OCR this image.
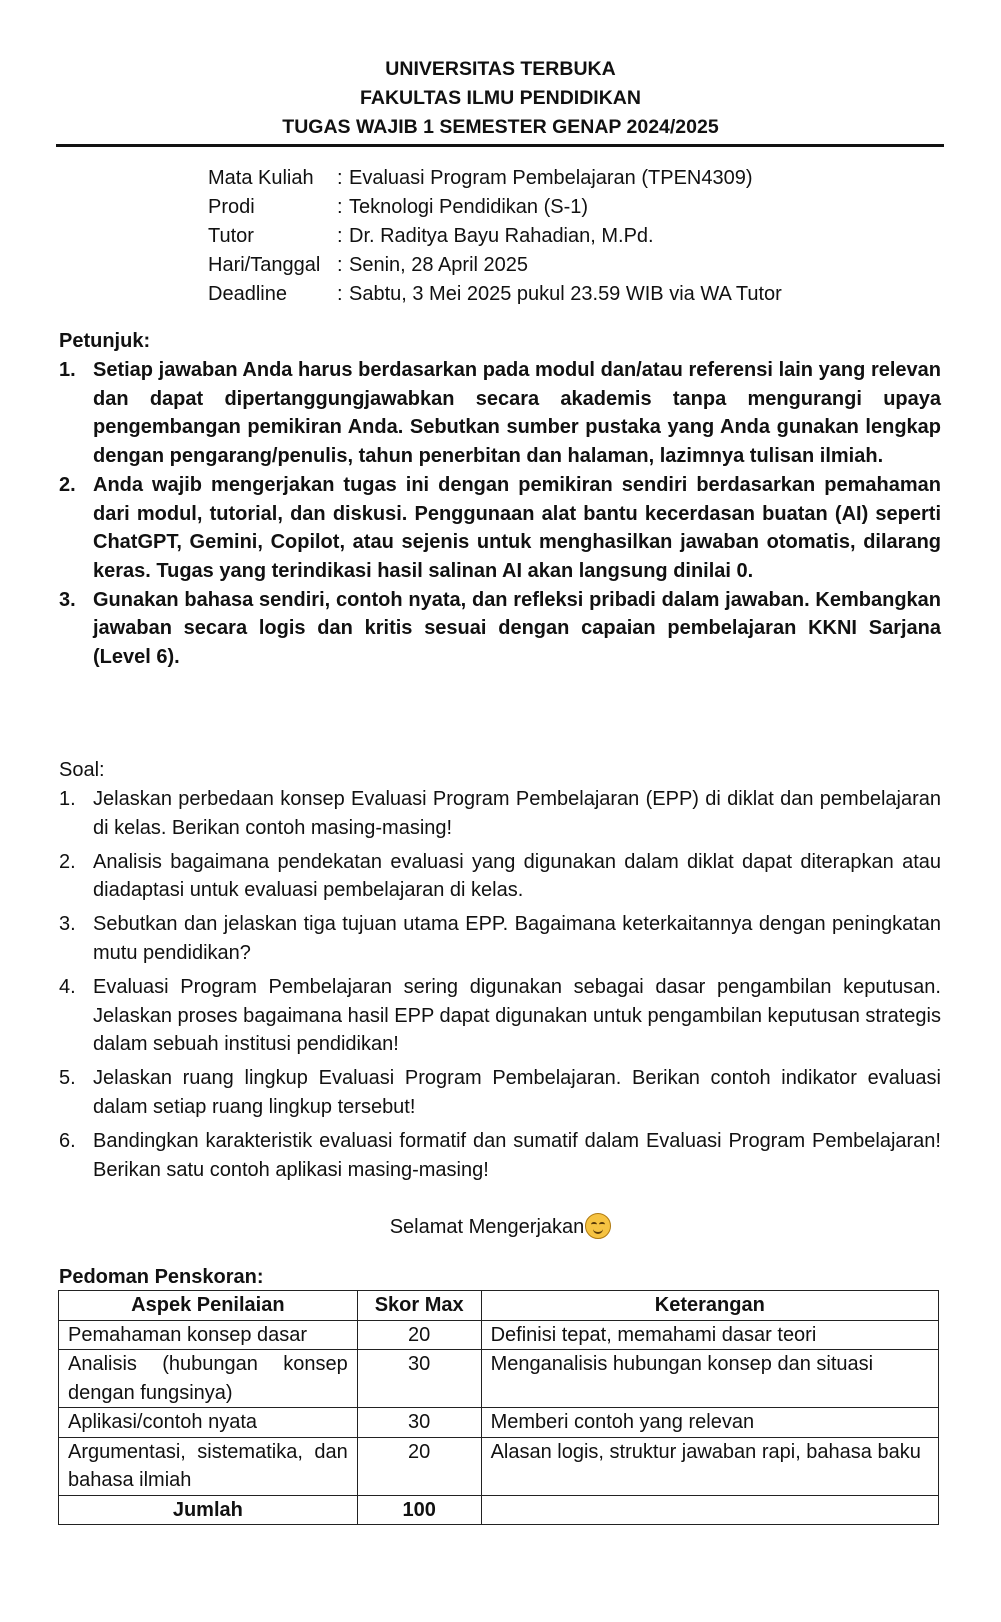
UNIVERSITAS TERBUKA
FAKULTAS ILMU PENDIDIKAN
TUGAS WAJIB 1 SEMESTER GENAP 2024/2025
Mata Kuliah	: Evaluasi Program Pembelajaran (TPEN4309)
Prodi	: Teknologi Pendidikan (S-1)
Tutor	: Dr. Raditya Bayu Rahadian, M.Pd.
Hari/Tanggal : Senin, 28 April 2025
Deadline	: Sabtu, 3 Mei 2025 pukul 23.59 WIB via WA Tutor
Petunjuk:
1. Setiap jawaban Anda harus berdasarkan pada modul dan/atau referensi lain yang relevan dan dapat dipertanggungjawabkan secara akademis tanpa mengurangi upaya pengembangan pemikiran Anda. Sebutkan sumber pustaka yang Anda gunakan lengkap dengan pengarang/penulis, tahun penerbitan dan halaman, lazimnya tulisan ilmiah.
2. Anda wajib mengerjakan tugas ini dengan pemikiran sendiri berdasarkan pemahaman dari modul, tutorial, dan diskusi. Penggunaan alat bantu kecerdasan buatan (AI) seperti ChatGPT, Gemini, Copilot, atau sejenis untuk menghasilkan jawaban otomatis, dilarang keras. Tugas yang terindikasi hasil salinan AI akan langsung dinilai 0.
3. Gunakan bahasa sendiri, contoh nyata, dan refleksi pribadi dalam jawaban. Kembangkan jawaban secara logis dan kritis sesuai dengan capaian pembelajaran KKNI Sarjana (Level 6).
Soal:
1. Jelaskan perbedaan konsep Evaluasi Program Pembelajaran (EPP) di diklat dan pembelajaran di kelas. Berikan contoh masing-masing!
2. Analisis bagaimana pendekatan evaluasi yang digunakan dalam diklat dapat diterapkan atau diadaptasi untuk evaluasi pembelajaran di kelas.
3. Sebutkan dan jelaskan tiga tujuan utama EPP. Bagaimana keterkaitannya dengan peningkatan mutu pendidikan?
4. Evaluasi Program Pembelajaran sering digunakan sebagai dasar pengambilan keputusan. Jelaskan proses bagaimana hasil EPP dapat digunakan untuk pengambilan keputusan strategis dalam sebuah institusi pendidikan!
5. Jelaskan ruang lingkup Evaluasi Program Pembelajaran. Berikan contoh indikator evaluasi dalam setiap ruang lingkup tersebut!
6. Bandingkan karakteristik evaluasi formatif dan sumatif dalam Evaluasi Program Pembelajaran! Berikan satu contoh aplikasi masing-masing!
Selamat Mengerjakan
Pedoman Penskoran:
Aspek Penilaian	Skor Max	Keterangan
Pemahaman konsep dasar	20	Definisi tepat, memahami dasar teori
Analisis (hubungan konsep dengan fungsinya)	30	Menganalisis hubungan konsep dan situasi
Aplikasi/contoh nyata	30	Memberi contoh yang relevan
Argumentasi, sistematika, dan bahasa ilmiah	20	Alasan logis, struktur jawaban rapi, bahasa baku
Jumlah	100	
